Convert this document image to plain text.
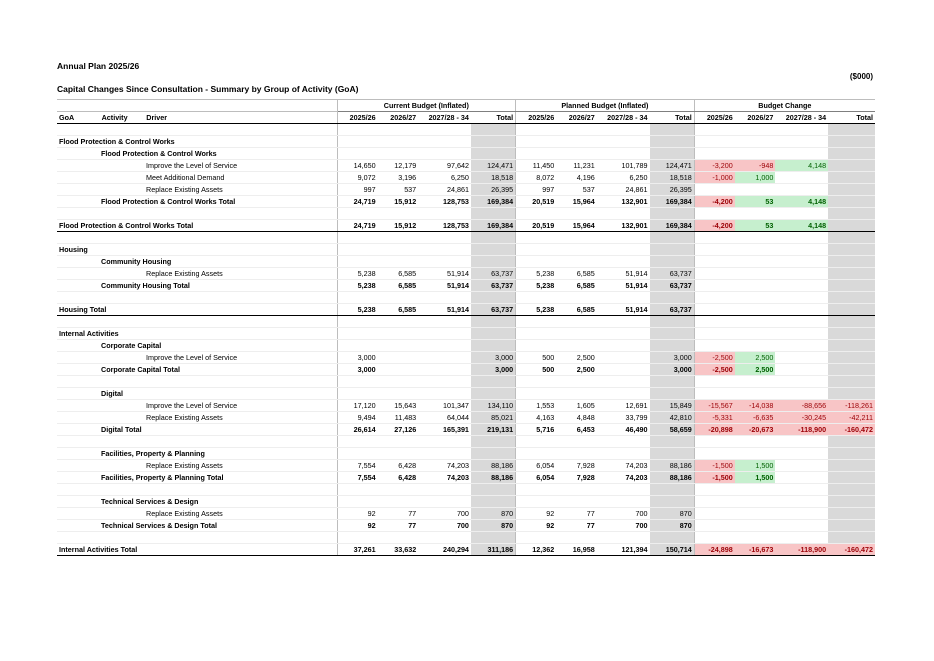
Annual Plan 2025/26
($000)
Capital Changes Since Consultation - Summary by Group of Activity (GoA)
			Current Budget (Inflated)				Planned Budget (Inflated)				Budget Change			
GoA	Activity	Driver	2025/26	2026/27	2027/28 - 34	Total	2025/26	2026/27	2027/28 - 34	Total	2025/26	2026/27	2027/28 - 34	Total

Flood Protection & Control Works														
Flood Protection & Control Works														
Improve the Level of Service			14,650	12,179	97,642	124,471	11,450	11,231	101,789	124,471	-3,200	-948	4,148	
Meet Additional Demand			9,072	3,196	6,250	18,518	8,072	4,196	6,250	18,518	-1,000	1,000		
Replace Existing Assets			997	537	24,861	26,395	997	537	24,861	26,395				
Flood Protection & Control Works Total			24,719	15,912	128,753	169,384	20,519	15,964	132,901	169,384	-4,200	53	4,148	

Flood Protection & Control Works Total			24,719	15,912	128,753	169,384	20,519	15,964	132,901	169,384	-4,200	53	4,148	

Housing														
Community Housing														
Replace Existing Assets			5,238	6,585	51,914	63,737	5,238	6,585	51,914	63,737				
Community Housing Total			5,238	6,585	51,914	63,737	5,238	6,585	51,914	63,737				

Housing Total			5,238	6,585	51,914	63,737	5,238	6,585	51,914	63,737				

Internal Activities														
Corporate Capital														
Improve the Level of Service			3,000			3,000	500	2,500		3,000	-2,500	2,500		
Corporate Capital Total			3,000			3,000	500	2,500		3,000	-2,500	2,500		

Digital														
Improve the Level of Service			17,120	15,643	101,347	134,110	1,553	1,605	12,691	15,849	-15,567	-14,038	-88,656	-118,261
Replace Existing Assets			9,494	11,483	64,044	85,021	4,163	4,848	33,799	42,810	-5,331	-6,635	-30,245	-42,211
Digital Total			26,614	27,126	165,391	219,131	5,716	6,453	46,490	58,659	-20,898	-20,673	-118,900	-160,472

Facilities, Property & Planning														
Replace Existing Assets			7,554	6,428	74,203	88,186	6,054	7,928	74,203	88,186	-1,500	1,500		
Facilities, Property & Planning Total			7,554	6,428	74,203	88,186	6,054	7,928	74,203	88,186	-1,500	1,500		

Technical Services & Design														
Replace Existing Assets			92	77	700	870	92	77	700	870				
Technical Services & Design Total			92	77	700	870	92	77	700	870				

Internal Activities Total			37,261	33,632	240,294	311,186	12,362	16,958	121,394	150,714	-24,898	-16,673	-118,900	-160,472
